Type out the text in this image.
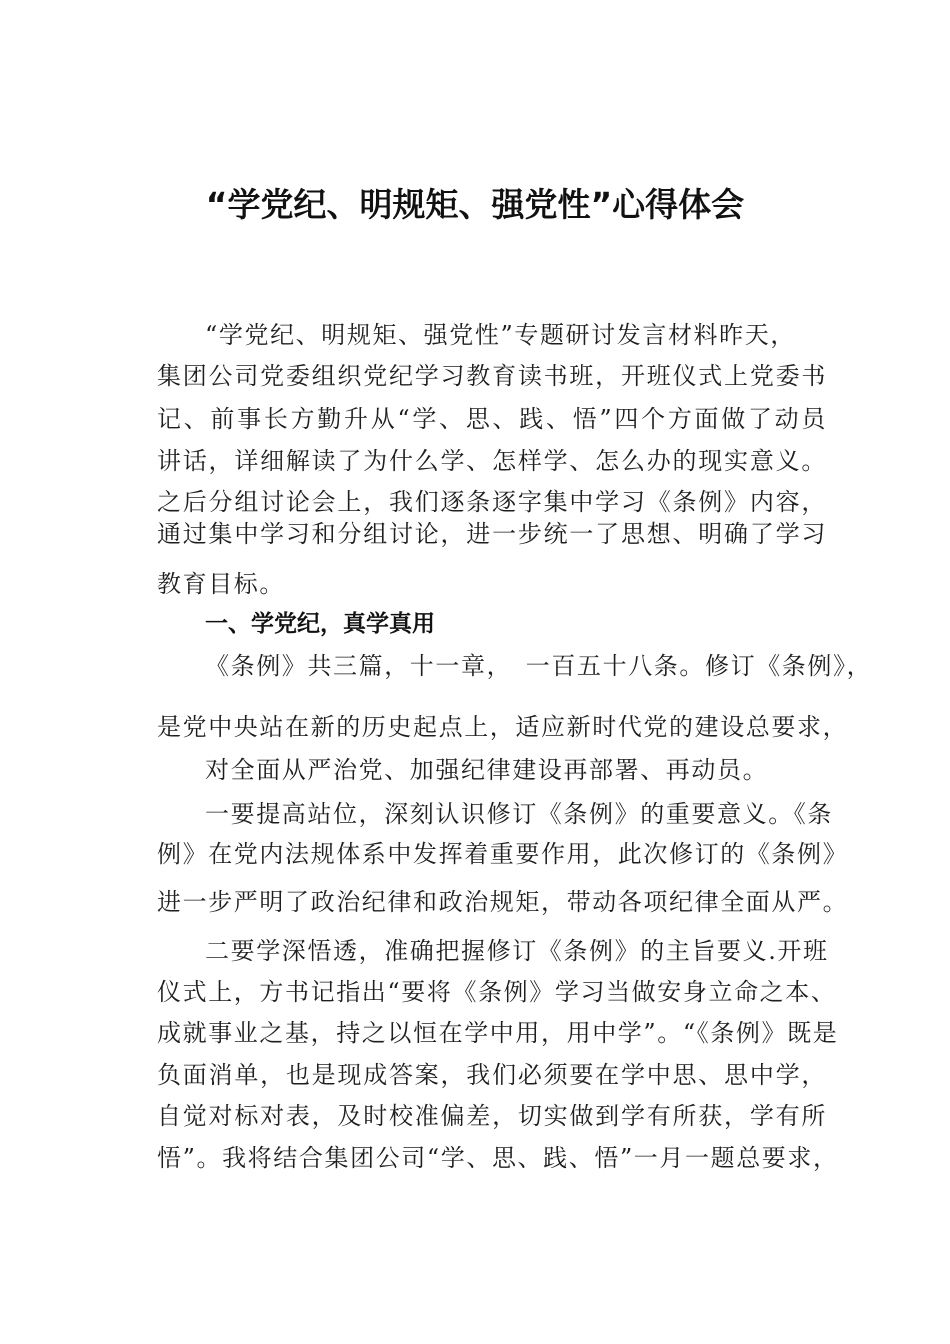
“学党纪、明规矩、强党性”心得体会
“学党纪、明规矩、强党性”专题研讨发言材料昨天，
集团公司党委组织党纪学习教育读书班，开班仪式上党委书
记、前事长方勤升从“学、思、践、悟”四个方面做了动员
讲话，详细解读了为什么学、怎样学、怎么办的现实意义。
之后分组讨论会上，我们逐条逐字集中学习《条例》内容，
通过集中学习和分组讨论，进一步统一了思想、明确了学习
教育目标。
一、学党纪，真学真用
《条例》共三篇，十一章，　一百五十八条。修订《条例》，
是党中央站在新的历史起点上，适应新时代党的建设总要求，
对全面从严治党、加强纪律建设再部署、再动员。
一要提高站位，深刻认识修订《条例》的重要意义。《条
例》在党内法规体系中发挥着重要作用，此次修订的《条例》
进一步严明了政治纪律和政治规矩，带动各项纪律全面从严。
二要学深悟透，准确把握修订《条例》的主旨要义.开班
仪式上，方书记指出“要将《条例》学习当做安身立命之本、
成就事业之基，持之以恒在学中用，用中学”。“《条例》既是
负面消单，也是现成答案，我们必须要在学中思、思中学，
自觉对标对表，及时校准偏差，切实做到学有所获，学有所
悟”。我将结合集团公司“学、思、践、悟”一月一题总要求，
